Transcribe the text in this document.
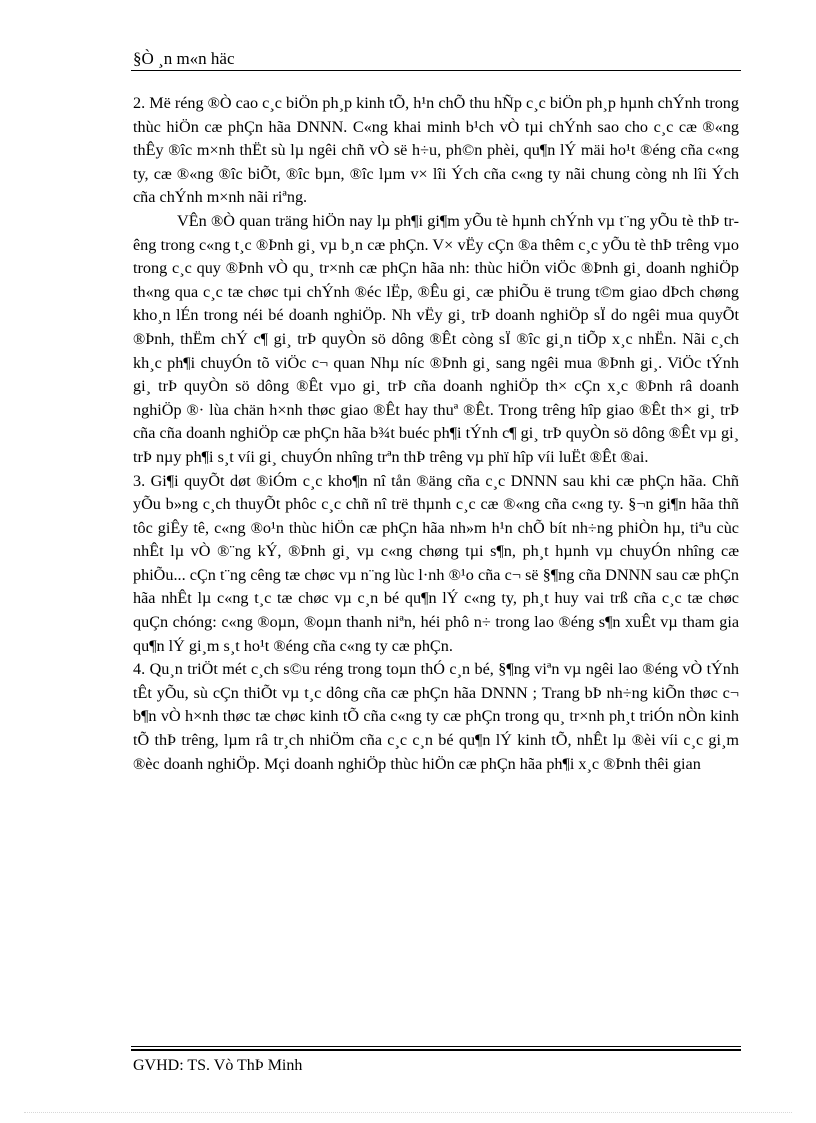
§Ò ¸n m«n häc

2. Më réng ®Ò cao c¸c biÖn ph¸p kinh tÕ, h¹n chÕ thu hÑp c¸c biÖn ph¸p hµnh chÝnh trong thùc hiÖn cæ phÇn hãa DNNN. C«ng khai minh b¹ch vÒ tµi chÝnh sao cho c¸c cæ ®«ng thÊy ®îc m×nh thËt sù lµ ngêi chñ vÒ së h÷u, ph©n phèi, qu¶n lÝ mäi ho¹t ®éng cña c«ng ty, cæ ®«ng ®îc biÕt, ®îc bµn, ®îc lµm v× lîi Ých cña c«ng ty nãi chung còng nh lîi Ých cña chÝnh m×nh nãi riªng.

VÊn ®Ò quan träng hiÖn nay lµ ph¶i gi¶m yÕu tè hµnh chÝnh vµ t¨ng yÕu tè thÞ trêng trong c«ng t¸c ®Þnh gi¸ vµ b¸n cæ phÇn. V× vËy cÇn ®a thêm c¸c yÕu tè thÞ trêng vµo trong c¸c quy ®Þnh vÒ qu¸ tr×nh cæ phÇn hãa nh: thùc hiÖn viÖc ®Þnh gi¸ doanh nghiÖp th«ng qua c¸c tæ chøc tµi chÝnh ®éc lËp, ®Êu gi¸ cæ phiÕu ë trung t©m giao dÞch chøng kho¸n lÉn trong néi bé doanh nghiÖp. Nh vËy gi¸ trÞ doanh nghiÖp sÏ do ngêi mua quyÕt ®Þnh, thËm chÝ c¶ gi¸ trÞ quyÒn sö dông ®Êt còng sÏ ®îc gi¸n tiÕp x¸c nhËn. Nãi c¸ch kh¸c ph¶i chuyÓn tõ viÖc c¬ quan Nhµ níc ®Þnh gi¸ sang ngêi mua ®Þnh gi¸. ViÖc tÝnh gi¸ trÞ quyÒn sö dông ®Êt vµo gi¸ trÞ cña doanh nghiÖp th× cÇn x¸c ®Þnh râ doanh nghiÖp ®· lùa chän h×nh thøc giao ®Êt hay thuª ®Êt. Trong trêng hîp giao ®Êt th× gi¸ trÞ cña cña doanh nghiÖp cæ phÇn hãa b¾t buéc ph¶i tÝnh c¶ gi¸ trÞ quyÒn sö dông ®Êt vµ gi¸ trÞ nµy ph¶i s¸t víi gi¸ chuyÓn nhîng trªn thÞ trêng vµ phï hîp víi luËt ®Êt ®ai.

3. Gi¶i quyÕt døt ®iÓm c¸c kho¶n nî tån ®äng cña c¸c DNNN sau khi cæ phÇn hãa. Chñ yÕu b»ng c¸ch thuyÕt phôc c¸c chñ nî trë thµnh c¸c cæ ®«ng cña c«ng ty. §¬n gi¶n hãa thñ tôc giÊy tê, c«ng ®o¹n thùc hiÖn cæ phÇn hãa nh»m h¹n chÕ bít nh÷ng phiÒn hµ, tiªu cùc nhÊt lµ vÒ ®¨ng kÝ, ®Þnh gi¸ vµ c«ng chøng tµi s¶n, ph¸t hµnh vµ chuyÓn nhîng cæ phiÕu... cÇn t¨ng cêng tæ chøc vµ n¨ng lùc l·nh ®¹o cña c¬ së §¶ng cña DNNN sau cæ phÇn hãa nhÊt lµ c«ng t¸c tæ chøc vµ c¸n bé qu¶n lÝ c«ng ty, ph¸t huy vai trß cña c¸c tæ chøc quÇn chóng: c«ng ®oµn, ®oµn thanh niªn, héi phô n÷ trong lao ®éng s¶n xuÊt vµ tham gia qu¶n lÝ gi¸m s¸t ho¹t ®éng cña c«ng ty cæ phÇn.

4. Qu¸n triÖt mét c¸ch s©u réng trong toµn thÓ c¸n bé, §¶ng viªn vµ ngêi lao ®éng vÒ tÝnh tÊt yÕu, sù cÇn thiÕt vµ t¸c dông cña cæ phÇn hãa DNNN ; Trang bÞ nh÷ng kiÕn thøc c¬ b¶n vÒ h×nh thøc tæ chøc kinh tÕ cña c«ng ty cæ phÇn trong qu¸ tr×nh ph¸t triÓn nÒn kinh tÕ thÞ trêng, lµm râ tr¸ch nhiÖm cña c¸c c¸n bé qu¶n lÝ kinh tÕ, nhÊt lµ ®èi víi c¸c gi¸m ®èc doanh nghiÖp. Mçi doanh nghiÖp thùc hiÖn cæ phÇn hãa ph¶i x¸c ®Þnh thêi gian

GVHD: TS. Vò ThÞ Minh
